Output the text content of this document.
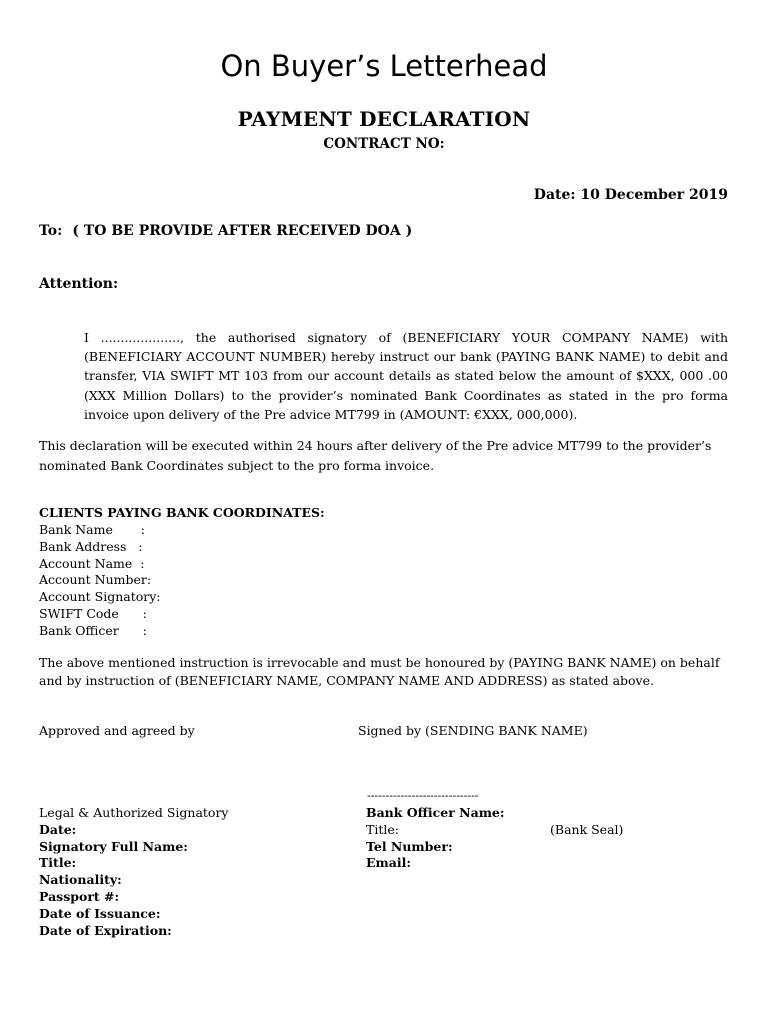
On Buyer’s Letterhead
PAYMENT DECLARATION
CONTRACT NO:
Date: 10 December 2019
To: ( TO BE PROVIDE AFTER RECEIVED DOA )
Attention:
I ...................., the authorised signatory of (BENEFICIARY YOUR COMPANY NAME) with (BENEFICIARY ACCOUNT NUMBER) hereby instruct our bank (PAYING BANK NAME) to debit and transfer, VIA SWIFT MT 103 from our account details as stated below the amount of $XXX, 000 .00 (XXX Million Dollars) to the provider’s nominated Bank Coordinates as stated in the pro forma invoice upon delivery of the Pre advice MT799 in (AMOUNT: €XXX, 000,000).
This declaration will be executed within 24 hours after delivery of the Pre advice MT799 to the provider’s nominated Bank Coordinates subject to the pro forma invoice.
CLIENTS PAYING BANK COORDINATES:
Bank Name       :
Bank Address   :
Account Name  :
Account Number:
Account Signatory:
SWIFT Code      :
Bank Officer      :
The above mentioned instruction is irrevocable and must be honoured by (PAYING BANK NAME) on behalf and by instruction of (BENEFICIARY NAME, COMPANY NAME AND ADDRESS) as stated above.
Approved and agreed by	Signed by (SENDING BANK NAME)
------------------------------
Legal & Authorized Signatory
Date:
Signatory Full Name:
Title:
Nationality:
Passport #:
Date of Issuance:
Date of Expiration:
Bank Officer Name:
Title:
Tel Number:
Email:
(Bank Seal)
